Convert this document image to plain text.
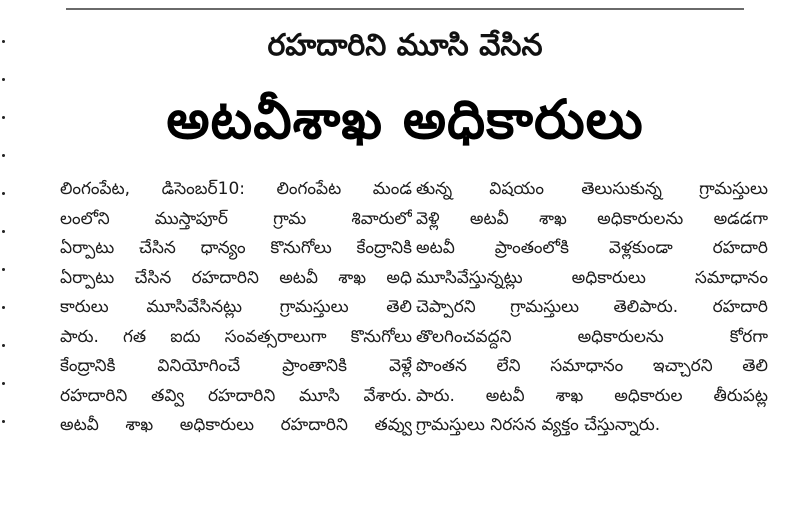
రహదారిని మూసి వేసిన
అటవీశాఖ అధికారులు
లింగంపేట, డిసెంబర్10: లింగంపేట మండ
లంలోని ముస్తాపూర్ గ్రామ శివారులో
ఏర్పాటు చేసిన ధాన్యం కొనుగోలు కేంద్రానికి
ఏర్పాటు చేసిన రహదారిని అటవీ శాఖ అధి
కారులు మూసివేసినట్లు గ్రామస్తులు తెలి
పారు. గత ఐదు సంవత్సరాలుగా కొనుగోలు
కేంద్రానికి వినియోగించే ప్రాంతానికి వెళ్లే
రహదారిని తవ్వి రహదారిని మూసి వేశారు.
అటవీ శాఖ అధికారులు రహదారిని తవ్వు
తున్న విషయం తెలుసుకున్న గ్రామస్తులు
వెళ్లి అటవీ శాఖ అధికారులను అడడగా
అటవీ ప్రాంతంలోకి వెళ్లకుండా రహదారి
మూసివేస్తున్నట్లు అధికారులు సమాధానం
చెప్పారని గ్రామస్తులు తెలిపారు. రహదారి
తొలగించవద్దని అధికారులను కోరగా
పొంతన లేని సమాధానం ఇచ్చారని తెలి
పారు. అటవీ శాఖ అధికారుల తీరుపట్ల
గ్రామస్తులు నిరసన వ్యక్తం చేస్తున్నారు.
